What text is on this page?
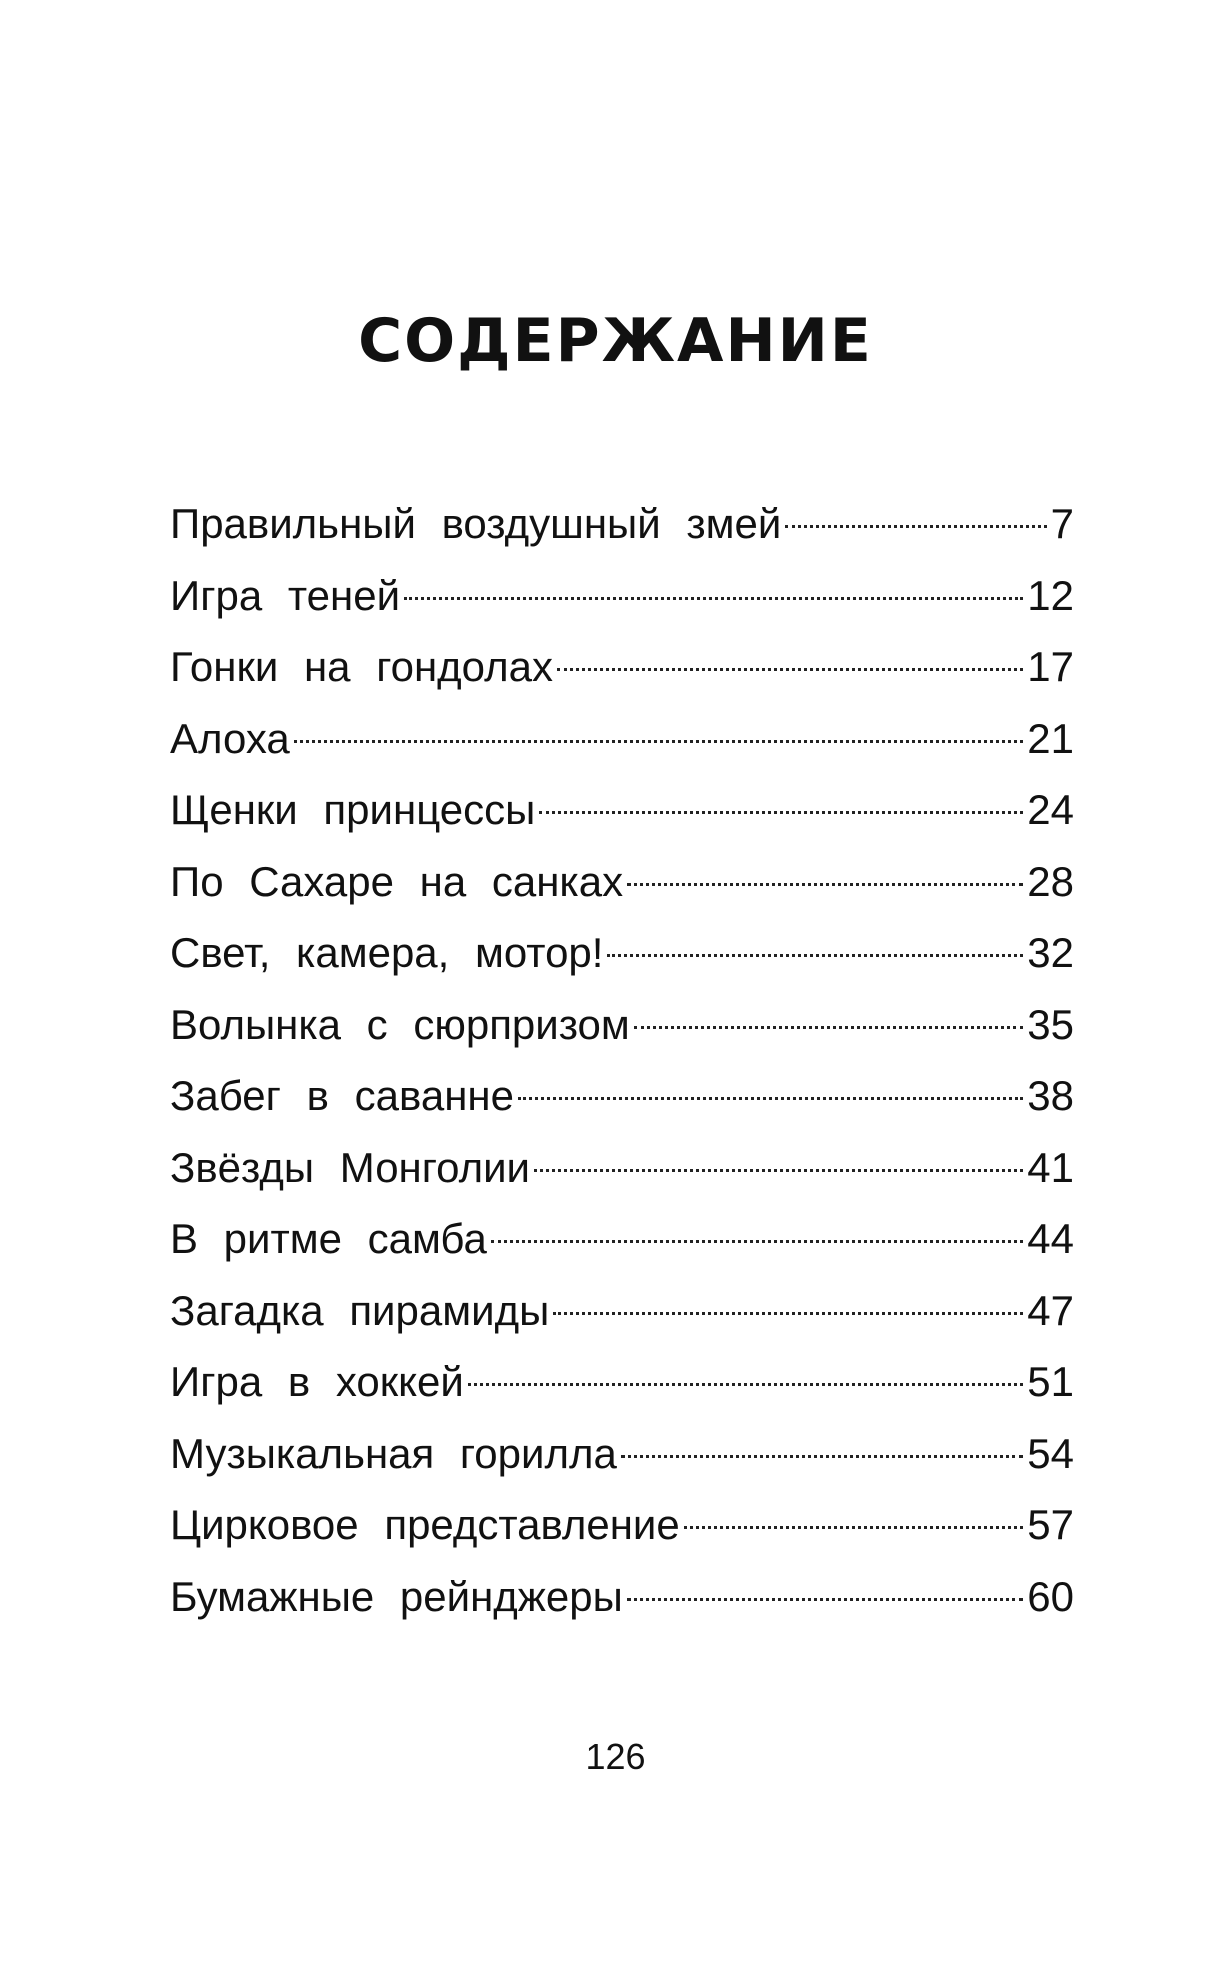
СОДЕРЖАНИЕ
Правильный воздушный змей	7
Игра теней	12
Гонки на гондолах	17
Алоха	21
Щенки принцессы	24
По Сахаре на санках	28
Свет, камера, мотор!	32
Волынка с сюрпризом	35
Забег в саванне	38
Звёзды Монголии	41
В ритме самба	44
Загадка пирамиды	47
Игра в хоккей	51
Музыкальная горилла	54
Цирковое представление	57
Бумажные рейнджеры	60
126
